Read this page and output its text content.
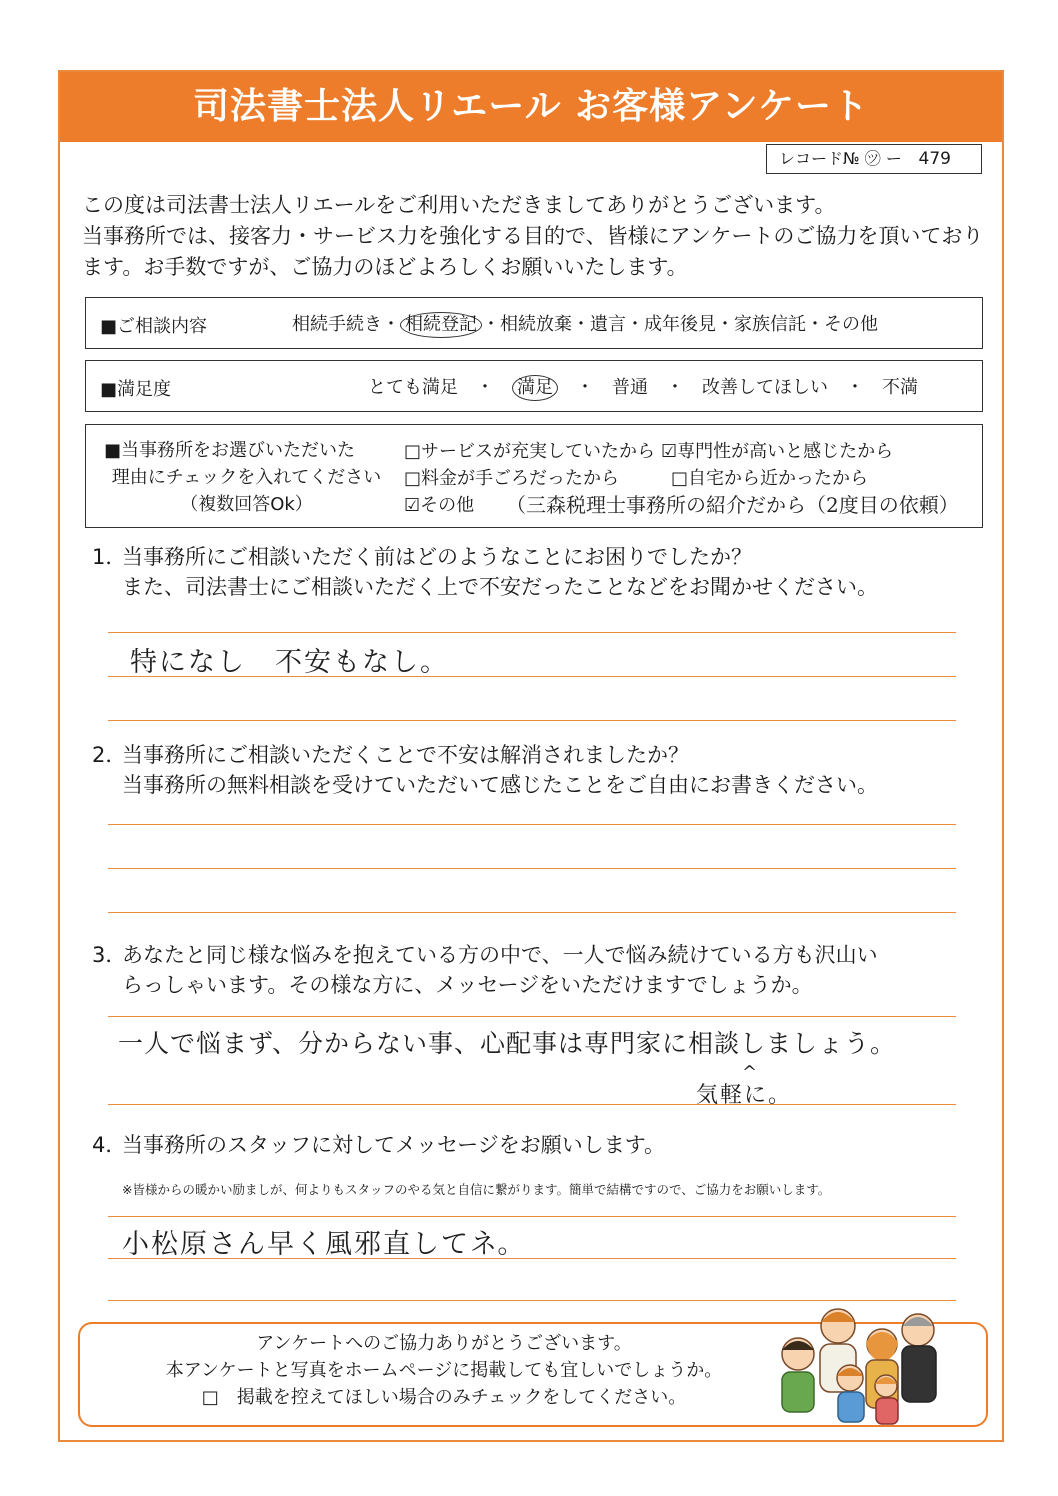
司法書士法人リエール お客様アンケート
レコード№ ㋡ ー 479
この度は司法書士法人リエールをご利用いただきましてありがとうございます。
当事務所では、接客力・サービス力を強化する目的で、皆様にアンケートのご協力を頂いており
ます。お手数ですが、ご協力のほどよろしくお願いいたします。
■ご相談内容	相続手続き・ 相続登記 ・相続放棄・遺言・成年後見・家族信託・その他
■満足度	とても満足　・　満足　・　普通　・　改善してほしい　・　不満
■当事務所をお選びいただいた
理由にチェックを入れてください
（複数回答Ok）
□サービスが充実していたから ☑専門性が高いと感じたから
□料金が手ごろだったから	□自宅から近かったから
☑その他 （三森税理士事務所の紹介だから（2度目の依頼）
1．
当事務所にご相談いただく前はどのようなことにお困りでしたか？
また、司法書士にご相談いただく上で不安だったことなどをお聞かせください。
特になし　不安もなし。
2．
当事務所にご相談いただくことで不安は解消されましたか？
当事務所の無料相談を受けていただいて感じたことをご自由にお書きください。
3．
あなたと同じ様な悩みを抱えている方の中で、一人で悩み続けている方も沢山い
らっしゃいます。その様な方に、メッセージをいただけますでしょうか。
一人で悩まず、分からない事、心配事は専門家に相談しましょう。
^
気軽に。
4．
当事務所のスタッフに対してメッセージをお願いします。
※皆様からの暖かい励ましが、何よりもスタッフのやる気と自信に繋がります。簡単で結構ですので、ご協力をお願いします。
小松原さん早く風邪直してネ。
アンケートへのご協力ありがとうございます。
本アンケートと写真をホームページに掲載しても宜しいでしょうか。
□　掲載を控えてほしい場合のみチェックをしてください。
